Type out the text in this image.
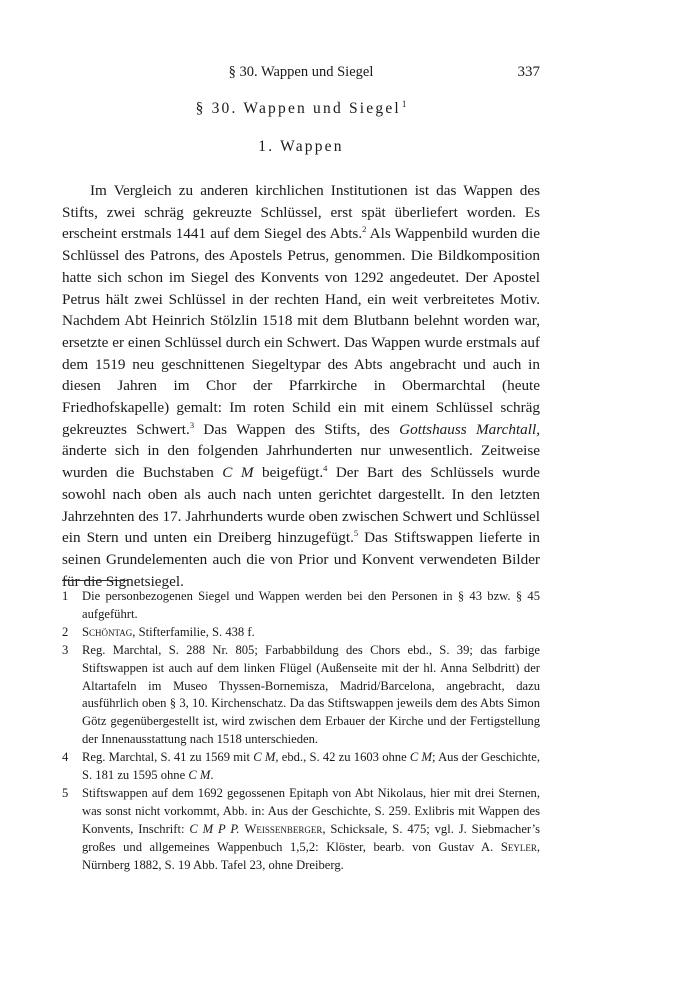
§ 30. Wappen und Siegel	337
§ 30. Wappen und Siegel$^1$
1. Wappen

Im Vergleich zu anderen kirchlichen Institutionen ist das Wappen des Stifts, zwei schräg gekreuzte Schlüssel, erst spät überliefert worden. Es erscheint erstmals 1441 auf dem Siegel des Abts.$^2$ Als Wappenbild wurden die Schlüssel des Patrons, des Apostels Petrus, genommen. Die Bildkomposition hatte sich schon im Siegel des Konvents von 1292 angedeutet. Der Apostel Petrus hält zwei Schlüssel in der rechten Hand, ein weit verbreitetes Motiv. Nachdem Abt Heinrich Stölzlin 1518 mit dem Blutbann belehnt worden war, ersetzte er einen Schlüssel durch ein Schwert. Das Wappen wurde erstmals auf dem 1519 neu geschnittenen Siegeltypar des Abts angebracht und auch in diesen Jahren im Chor der Pfarrkirche in Obermarchtal (heute Friedhofskapelle) gemalt: Im roten Schild ein mit einem Schlüssel schräg gekreuztes Schwert.$^3$ Das Wappen des Stifts, des Gottshauss Marchtall, änderte sich in den folgenden Jahrhunderten nur unwesentlich. Zeitweise wurden die Buchstaben C M beigefügt.$^4$ Der Bart des Schlüssels wurde sowohl nach oben als auch nach unten gerichtet dargestellt. In den letzten Jahrzehnten des 17. Jahrhunderts wurde oben zwischen Schwert und Schlüssel ein Stern und unten ein Dreiberg hinzugefügt.$^5$ Das Stiftswappen lieferte in seinen Grundelementen auch die von Prior und Konvent verwendeten Bilder für die Signetsiegel.

1 Die personbezogenen Siegel und Wappen werden bei den Personen in § 43 bzw. § 45 aufgeführt.
2 Schöntag, Stifterfamilie, S. 438 f.
3 Reg. Marchtal, S. 288 Nr. 805; Farbabbildung des Chors ebd., S. 39; das farbige Stiftswappen ist auch auf dem linken Flügel (Außenseite mit der hl. Anna Selbdritt) der Altartafeln im Museo Thyssen-Bornemisza, Madrid/Barcelona, angebracht, dazu ausführlich oben § 3, 10. Kirchenschatz. Da das Stiftswappen jeweils dem des Abts Simon Götz gegenübergestellt ist, wird zwischen dem Erbauer der Kirche und der Fertigstellung der Innenausstattung nach 1518 unterschieden.
4 Reg. Marchtal, S. 41 zu 1569 mit C M, ebd., S. 42 zu 1603 ohne C M; Aus der Geschichte, S. 181 zu 1595 ohne C M.
5 Stiftswappen auf dem 1692 gegossenen Epitaph von Abt Nikolaus, hier mit drei Sternen, was sonst nicht vorkommt, Abb. in: Aus der Geschichte, S. 259. Exlibris mit Wappen des Konvents, Inschrift: C M P P. Weissenberger, Schicksale, S. 475; vgl. J. Siebmacher’s großes und allgemeines Wappenbuch 1,5,2: Klöster, bearb. von Gustav A. Seyler, Nürnberg 1882, S. 19 Abb. Tafel 23, ohne Dreiberg.
